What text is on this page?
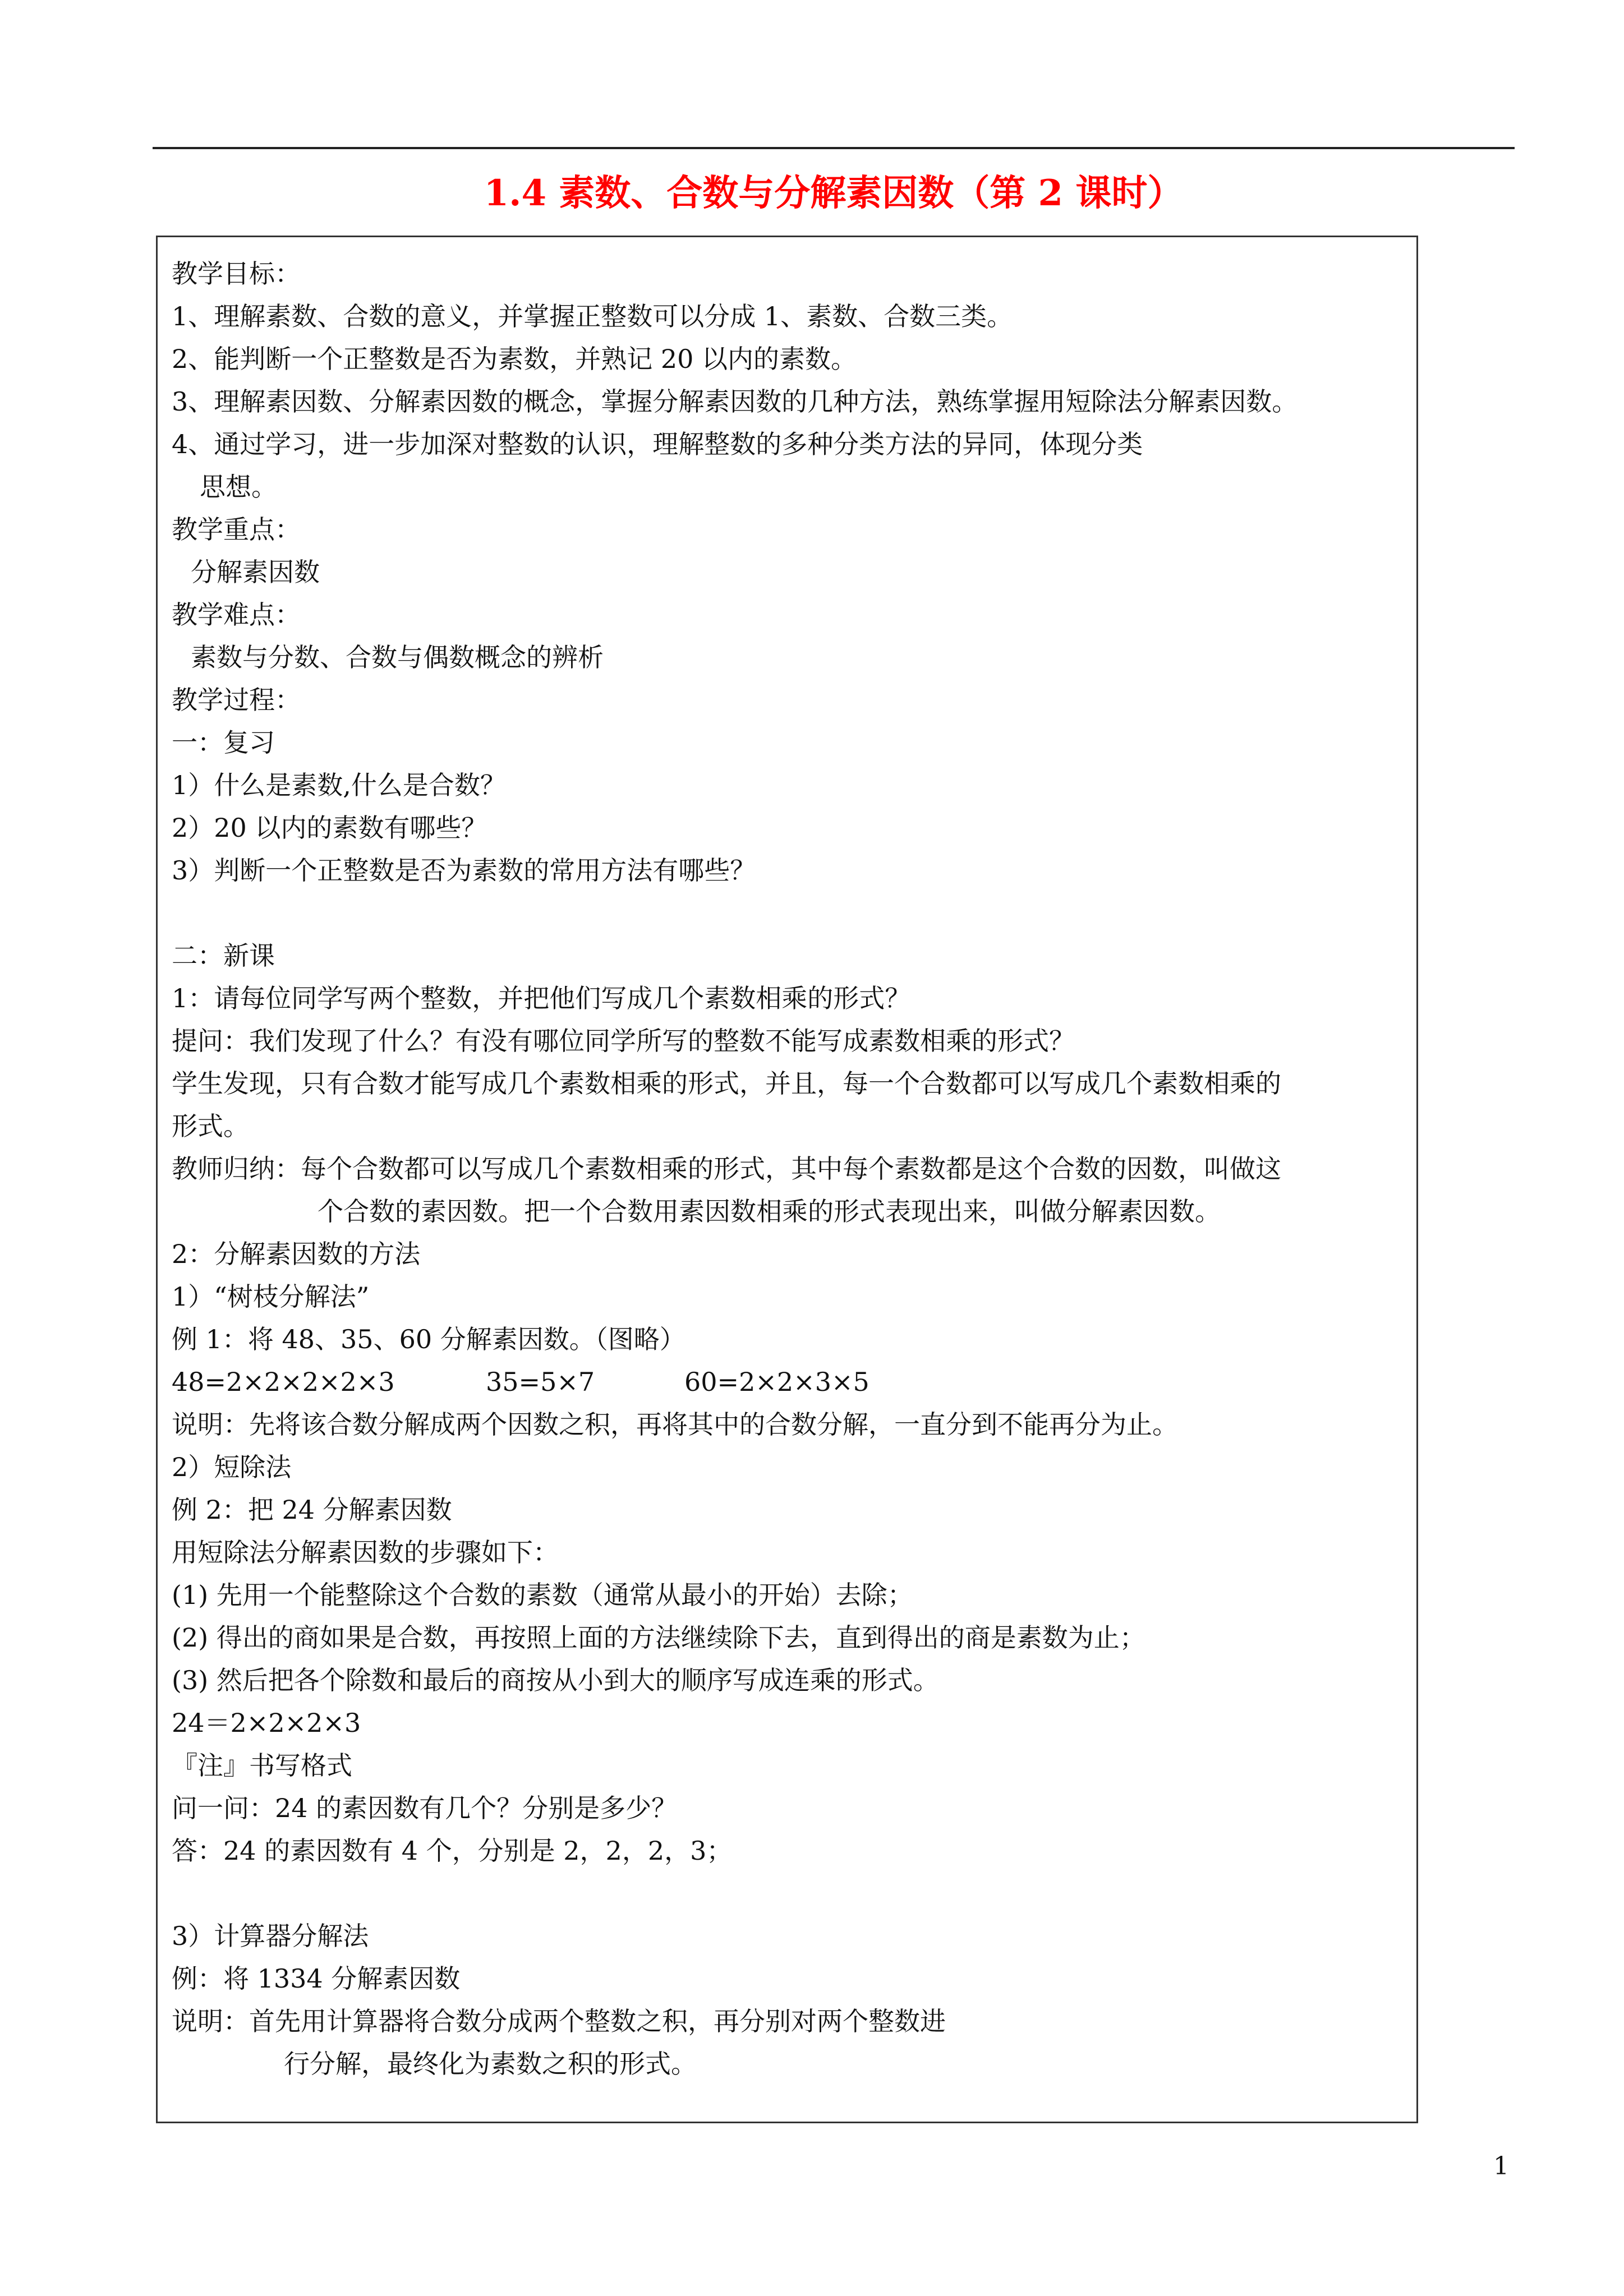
1.4 素数、合数与分解素因数（第 2 课时）
教学目标：
1、理解素数、合数的意义，并掌握正整数可以分成 1、素数、合数三类。
2、能判断一个正整数是否为素数，并熟记 20 以内的素数。
3、理解素因数、分解素因数的概念，掌握分解素因数的几种方法，熟练掌握用短除法分解素因数。
4、通过学习，进一步加深对整数的认识，理解整数的多种分类方法的异同，体现分类
思想。
教学重点：
分解素因数
教学难点：
素数与分数、合数与偶数概念的辨析
教学过程：
一：复习
1）什么是素数,什么是合数？
2）20 以内的素数有哪些？
3）判断一个正整数是否为素数的常用方法有哪些？
二：新课
1：请每位同学写两个整数，并把他们写成几个素数相乘的形式？
提问：我们发现了什么？有没有哪位同学所写的整数不能写成素数相乘的形式？
学生发现，只有合数才能写成几个素数相乘的形式，并且，每一个合数都可以写成几个素数相乘的
形式。
教师归纳：每个合数都可以写成几个素数相乘的形式，其中每个素数都是这个合数的因数，叫做这
个合数的素因数。把一个合数用素因数相乘的形式表现出来，叫做分解素因数。
2：分解素因数的方法
1）“树枝分解法”
例 1：将 48、35、60 分解素因数。（图略）
48=2×2×2×2×3	35=5×7	60=2×2×3×5
说明：先将该合数分解成两个因数之积，再将其中的合数分解，一直分到不能再分为止。
2）短除法
例 2：把 24 分解素因数
用短除法分解素因数的步骤如下：
(1) 先用一个能整除这个合数的素数（通常从最小的开始）去除；
(2) 得出的商如果是合数，再按照上面的方法继续除下去，直到得出的商是素数为止；
(3) 然后把各个除数和最后的商按从小到大的顺序写成连乘的形式。
24＝2×2×2×3
『注』书写格式
问一问：24 的素因数有几个？分别是多少？
答：24 的素因数有 4 个，分别是 2，2，2，3；
3）计算器分解法
例：将 1334 分解素因数
说明：首先用计算器将合数分成两个整数之积，再分别对两个整数进
行分解，最终化为素数之积的形式。
1
